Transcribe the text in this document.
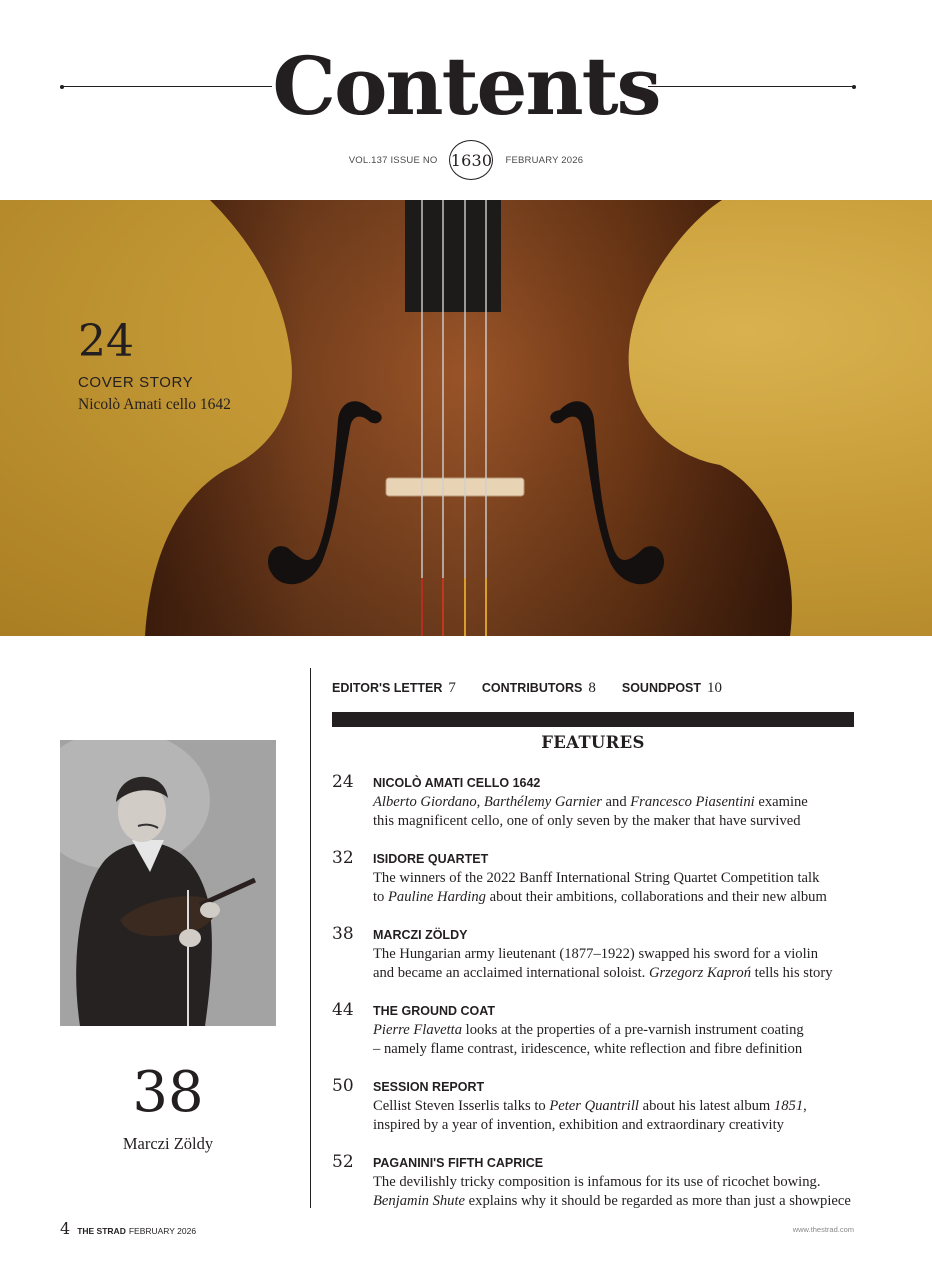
Contents
VOL.137 ISSUE NO 1630 FEBRUARY 2026
24
COVER STORY
Nicolò Amati cello 1642
38
Marczi Zöldy
EDITOR'S LETTER 7 CONTRIBUTORS 8 SOUNDPOST 10
FEATURES
24 NICOLÒ AMATI CELLO 1642
Alberto Giordano, Barthélemy Garnier and Francesco Piasentini examine
this magnificent cello, one of only seven by the maker that have survived
32 ISIDORE QUARTET
The winners of the 2022 Banff International String Quartet Competition talk
to Pauline Harding about their ambitions, collaborations and their new album
38 MARCZI ZÖLDY
The Hungarian army lieutenant (1877–1922) swapped his sword for a violin
and became an acclaimed international soloist. Grzegorz Kaproń tells his story
44 THE GROUND COAT
Pierre Flavetta looks at the properties of a pre-varnish instrument coating
– namely flame contrast, iridescence, white reflection and fibre definition
50 SESSION REPORT
Cellist Steven Isserlis talks to Peter Quantrill about his latest album 1851,
inspired by a year of invention, exhibition and extraordinary creativity
52 PAGANINI'S FIFTH CAPRICE
The devilishly tricky composition is infamous for its use of ricochet bowing.
Benjamin Shute explains why it should be regarded as more than just a showpiece
4 THE STRAD FEBRUARY 2026	www.thestrad.com
